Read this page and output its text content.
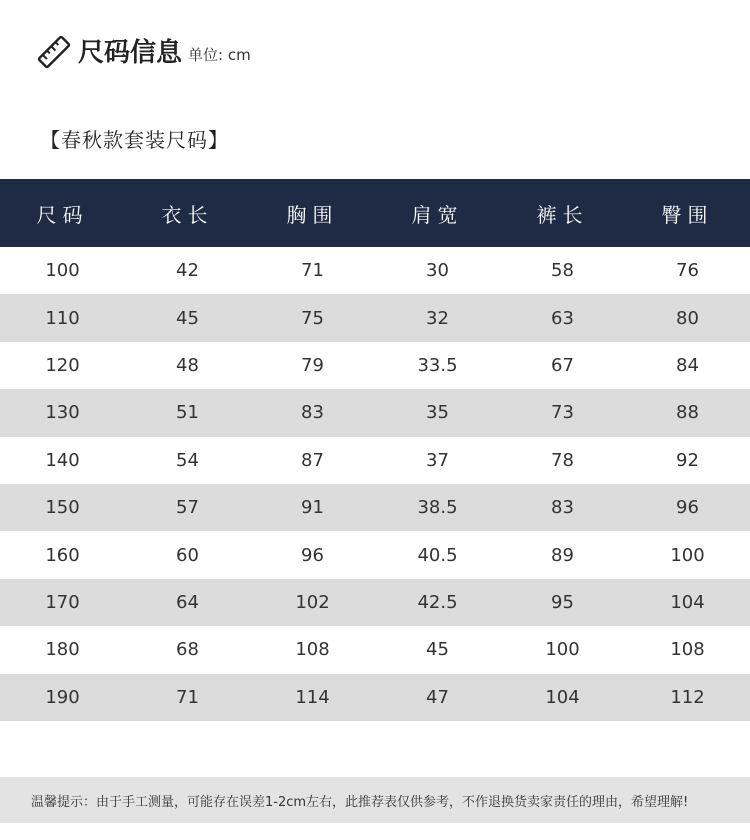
尺码信息 单位: cm
【春秋款套装尺码】
尺码	衣长	胸围	肩宽	裤长	臀围
100	42	71	30	58	76
110	45	75	32	63	80
120	48	79	33.5	67	84
130	51	83	35	73	88
140	54	87	37	78	92
150	57	91	38.5	83	96
160	60	96	40.5	89	100
170	64	102	42.5	95	104
180	68	108	45	100	108
190	71	114	47	104	112
温馨提示：由于手工测量，可能存在误差1-2cm左右，此推荐表仅供参考，不作退换货卖家责任的理由，希望理解!
